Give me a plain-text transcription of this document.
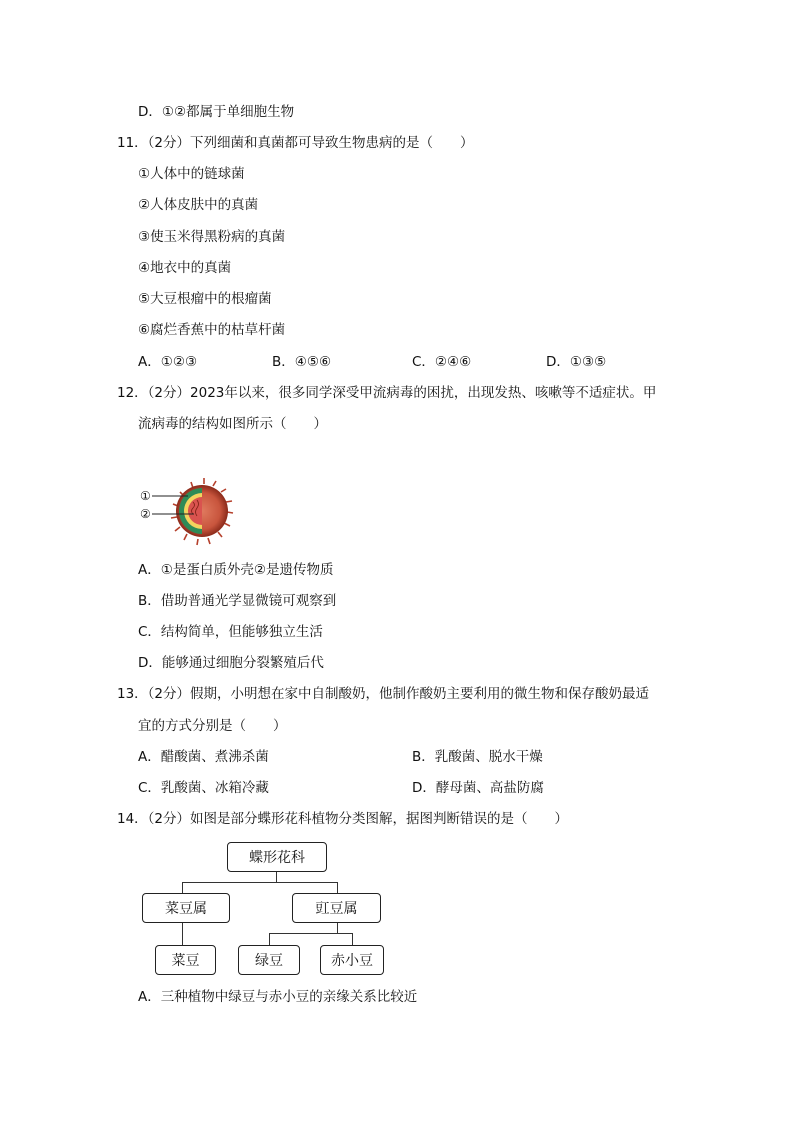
D．①②都属于单细胞生物
11．（2分）下列细菌和真菌都可导致生物患病的是（　　）
①人体中的链球菌
②人体皮肤中的真菌
③使玉米得黑粉病的真菌
④地衣中的真菌
⑤大豆根瘤中的根瘤菌
⑥腐烂香蕉中的枯草杆菌
A．①②③	B．④⑤⑥	C．②④⑥	D．①③⑤
12．（2分）2023年以来，很多同学深受甲流病毒的困扰，出现发热、咳嗽等不适症状。甲
流病毒的结构如图所示（　　）
①
②
A．①是蛋白质外壳②是遗传物质
B．借助普通光学显微镜可观察到
C．结构简单，但能够独立生活
D．能够通过细胞分裂繁殖后代
13．（2分）假期，小明想在家中自制酸奶，他制作酸奶主要利用的微生物和保存酸奶最适
宜的方式分别是（　　）
A．醋酸菌、煮沸杀菌	B．乳酸菌、脱水干燥
C．乳酸菌、冰箱冷藏	D．酵母菌、高盐防腐
14．（2分）如图是部分蝶形花科植物分类图解，据图判断错误的是（　　）
蝶形花科
菜豆属	豇豆属
菜豆	绿豆	赤小豆
A．三种植物中绿豆与赤小豆的亲缘关系比较近
